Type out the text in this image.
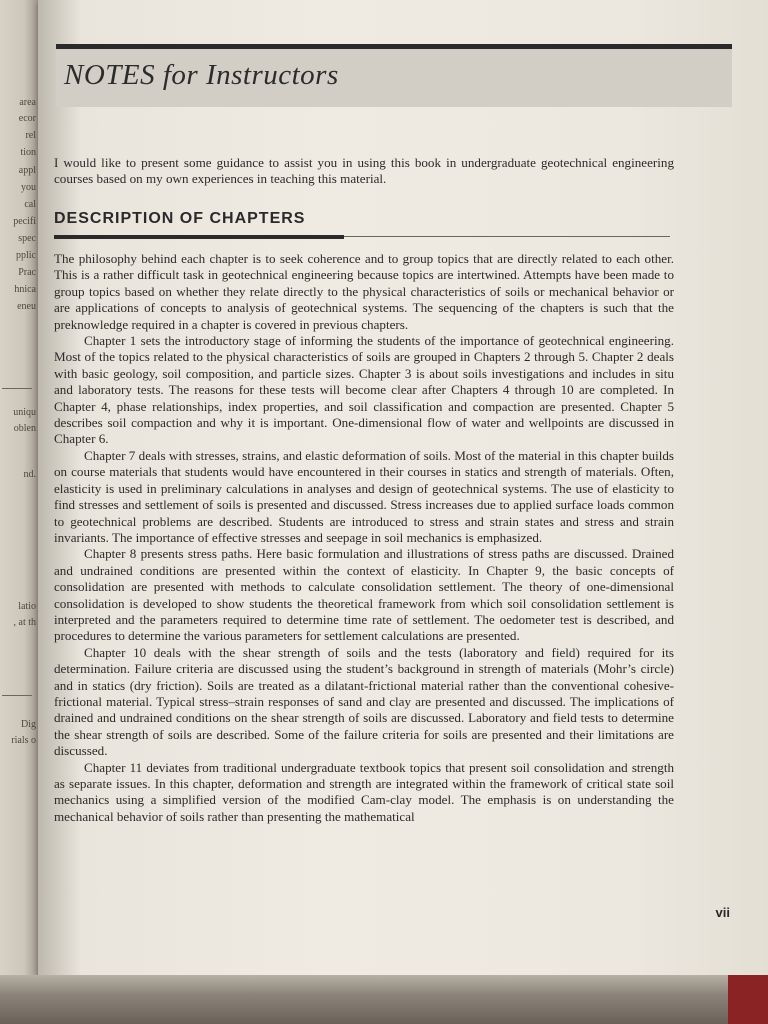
area
ecor
rel
tion
appl
you
cal
pecifi
spec
pplic
Prac
hnica
eneu
uniqu
oblen
nd.
latio
, at th
Dig
rials o
NOTES for Instructors
I would like to present some guidance to assist you in using this book in undergraduate geotechnical engineering courses based on my own experiences in teaching this material.
DESCRIPTION OF CHAPTERS

The philosophy behind each chapter is to seek coherence and to group topics that are directly related to each other. This is a rather difficult task in geotechnical engineering because topics are intertwined. Attempts have been made to group topics based on whether they relate directly to the physical characteristics of soils or mechanical behavior or are applications of concepts to analysis of geotechnical systems. The sequencing of the chapters is such that the preknowledge required in a chapter is covered in previous chapters.

Chapter 1 sets the introductory stage of informing the students of the importance of geotechnical engineering. Most of the topics related to the physical characteristics of soils are grouped in Chapters 2 through 5. Chapter 2 deals with basic geology, soil composition, and particle sizes. Chapter 3 is about soils investigations and includes in situ and laboratory tests. The reasons for these tests will become clear after Chapters 4 through 10 are completed. In Chapter 4, phase relationships, index properties, and soil classification and compaction are presented. Chapter 5 describes soil compaction and why it is important. One-dimensional flow of water and wellpoints are discussed in Chapter 6.

Chapter 7 deals with stresses, strains, and elastic deformation of soils. Most of the material in this chapter builds on course materials that students would have encountered in their courses in statics and strength of materials. Often, elasticity is used in preliminary calculations in analyses and design of geotechnical systems. The use of elasticity to find stresses and settlement of soils is presented and discussed. Stress increases due to applied surface loads common to geotechnical problems are described. Students are introduced to stress and strain states and stress and strain invariants. The importance of effective stresses and seepage in soil mechanics is emphasized.

Chapter 8 presents stress paths. Here basic formulation and illustrations of stress paths are discussed. Drained and undrained conditions are presented within the context of elasticity. In Chapter 9, the basic concepts of consolidation are presented with methods to calculate consolidation settlement. The theory of one-dimensional consolidation is developed to show students the theoretical framework from which soil consolidation settlement is interpreted and the parameters required to determine time rate of settlement. The oedometer test is described, and procedures to determine the various parameters for settlement calculations are presented.

Chapter 10 deals with the shear strength of soils and the tests (laboratory and field) required for its determination. Failure criteria are discussed using the student’s background in strength of materials (Mohr’s circle) and in statics (dry friction). Soils are treated as a dilatant-frictional material rather than the conventional cohesive-frictional material. Typical stress–strain responses of sand and clay are presented and discussed. The implications of drained and undrained conditions on the shear strength of soils are discussed. Laboratory and field tests to determine the shear strength of soils are described. Some of the failure criteria for soils are presented and their limitations are discussed.

Chapter 11 deviates from traditional undergraduate textbook topics that present soil consolidation and strength as separate issues. In this chapter, deformation and strength are integrated within the framework of critical state soil mechanics using a simplified version of the modified Cam-clay model. The emphasis is on understanding the mechanical behavior of soils rather than presenting the mathematical

vii
